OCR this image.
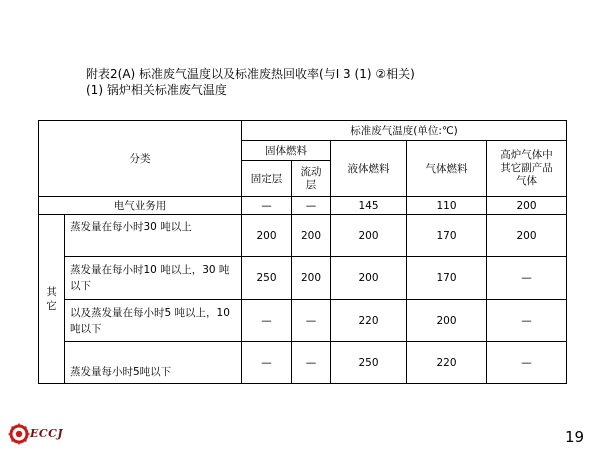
附表2(A) 标准废气温度以及标准废热回收率(与Ⅰ 3 (1) ②相关)
(1) 锅炉相关标准废气温度
分类		标准废气温度(单位:℃)				
		固体燃料		液体燃料	气体燃料	高炉气体中其它副产品气体
		固定层	流动层			
电气业务用		—	—	145	110	200
其它	蒸发量在每小时30 吨以上	200	200	200	170	200
	蒸发量在每小时10 吨以上，30 吨以下	250	200	200	170	—
	以及蒸发量在每小时5 吨以上，10 吨以下	—	—	220	200	—
	蒸发量每小时5吨以下	—	—	250	220	—
ECCJ	19
